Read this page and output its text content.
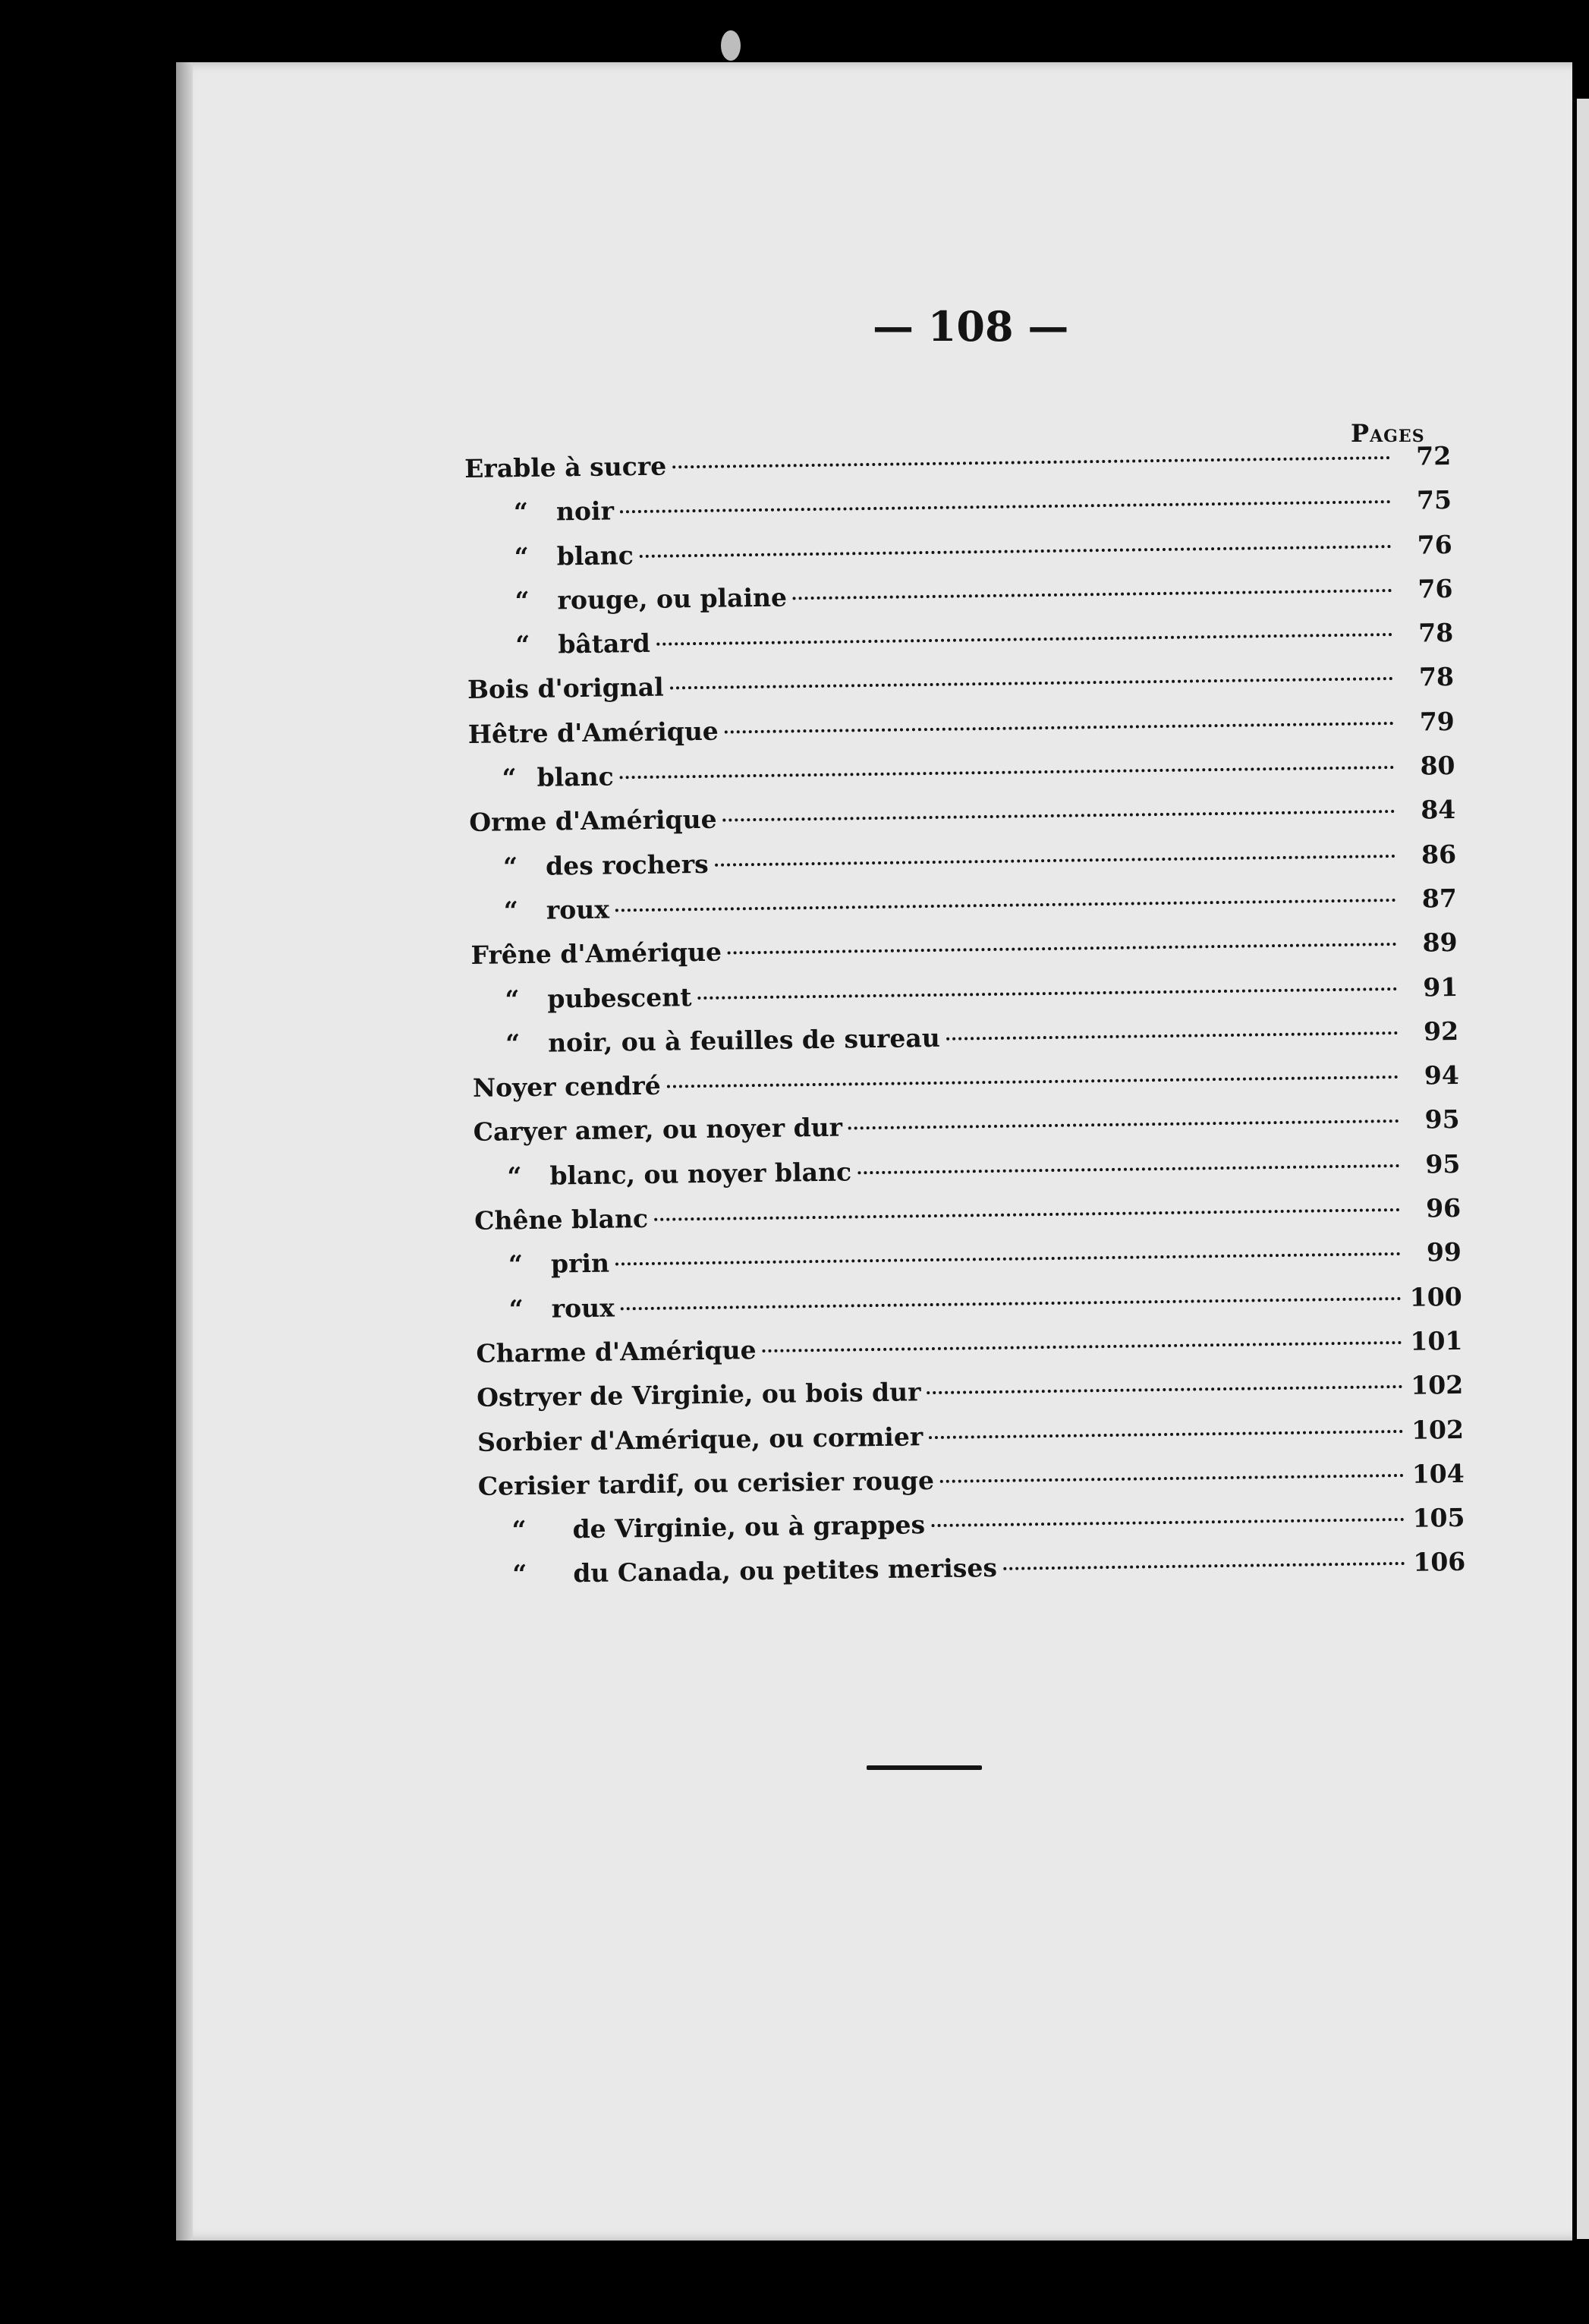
— 108 —
Pages
Erable à sucre	72
“	noir	75
“	blanc	76
“	rouge, ou plaine	76
“	bâtard	78
Bois d'orignal	78
Hêtre d'Amérique	79
“ blanc	80
Orme d'Amérique	84
“	des rochers	86
“	roux	87
Frêne d'Amérique	89
“	pubescent	91
“	noir, ou à feuilles de sureau	92
Noyer cendré	94
Caryer amer, ou noyer dur	95
“	blanc, ou noyer blanc	95
Chêne blanc	96
“	prin	99
“	roux	100
Charme d'Amérique	101
Ostryer de Virginie, ou bois dur	102
Sorbier d'Amérique, ou cormier	102
Cerisier tardif, ou cerisier rouge	104
“	de Virginie, ou à grappes	105
“	du Canada, ou petites merises	106
